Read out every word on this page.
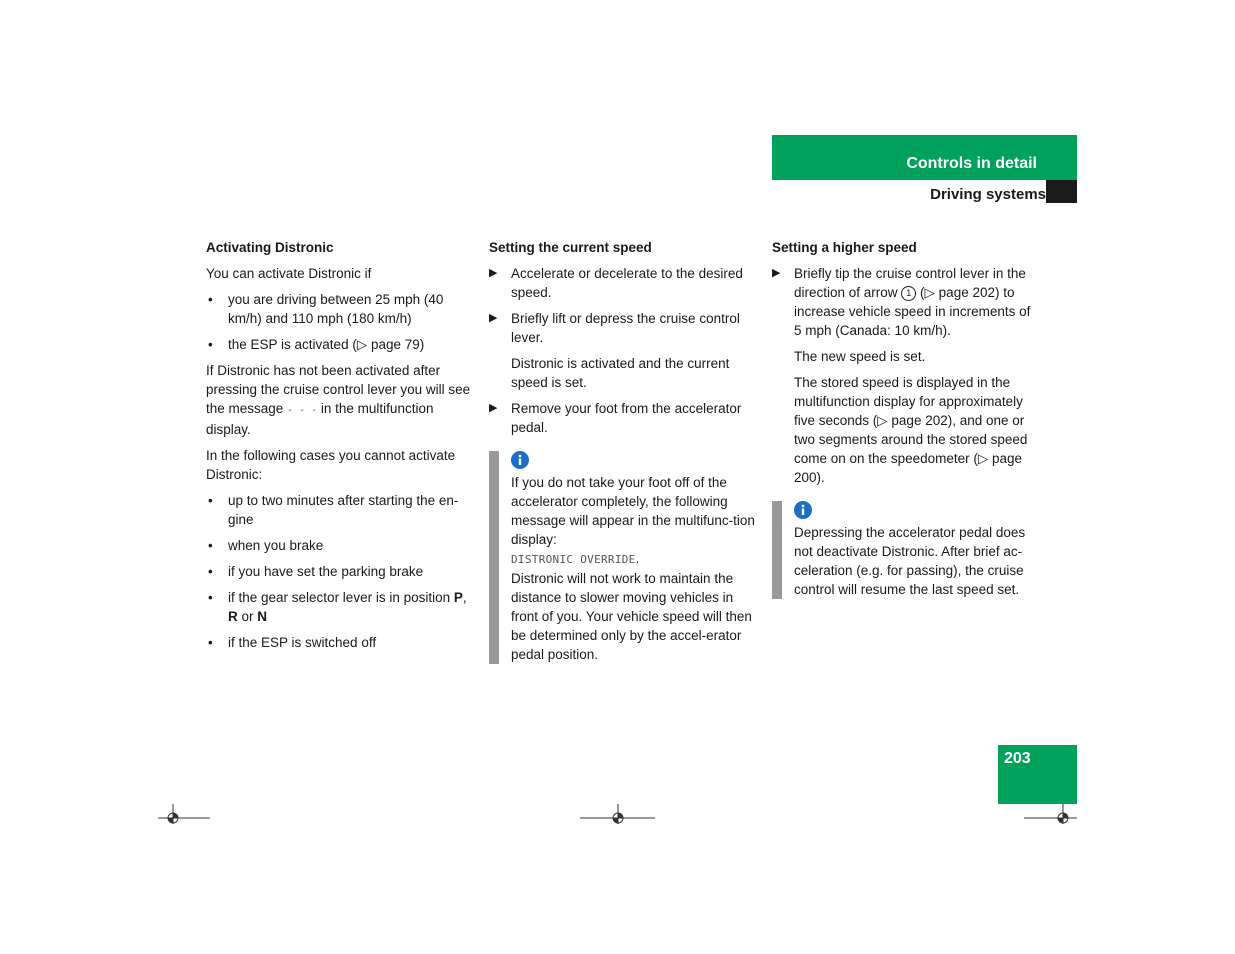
Controls in detail
Driving systems
Activating Distronic

You can activate Distronic if

• you are driving between 25 mph (40 km/h) and 110 mph (180 km/h)
• the ESP is activated (▷ page 79)

If Distronic has not been activated after pressing the cruise control lever you will see the message - - - in the multifunction display.

In the following cases you cannot activate Distronic:

• up to two minutes after starting the en-gine
• when you brake
• if you have set the parking brake
• if the gear selector lever is in position P, R or N
• if the ESP is switched off
Setting the current speed
▶ Accelerate or decelerate to the desired speed.
▶ Briefly lift or depress the cruise control lever.

Distronic is activated and the current speed is set.

▶ Remove your foot from the accelerator pedal.
If you do not take your foot off of the accelerator completely, the following message will appear in the multifunc-tion display:
DISTRONIC OVERRIDE.
Distronic will not work to maintain the distance to slower moving vehicles in front of you. Your vehicle speed will then be determined only by the accel-erator pedal position.
Setting a higher speed
▶ Briefly tip the cruise control lever in the direction of arrow 1 (▷ page 202) to increase vehicle speed in increments of 5 mph (Canada: 10 km/h).

The new speed is set.

The stored speed is displayed in the multifunction display for approximately five seconds (▷ page 202), and one or two segments around the stored speed come on on the speedometer (▷ page 200).

Depressing the accelerator pedal does not deactivate Distronic. After brief ac-celeration (e.g. for passing), the cruise control will resume the last speed set.
203
